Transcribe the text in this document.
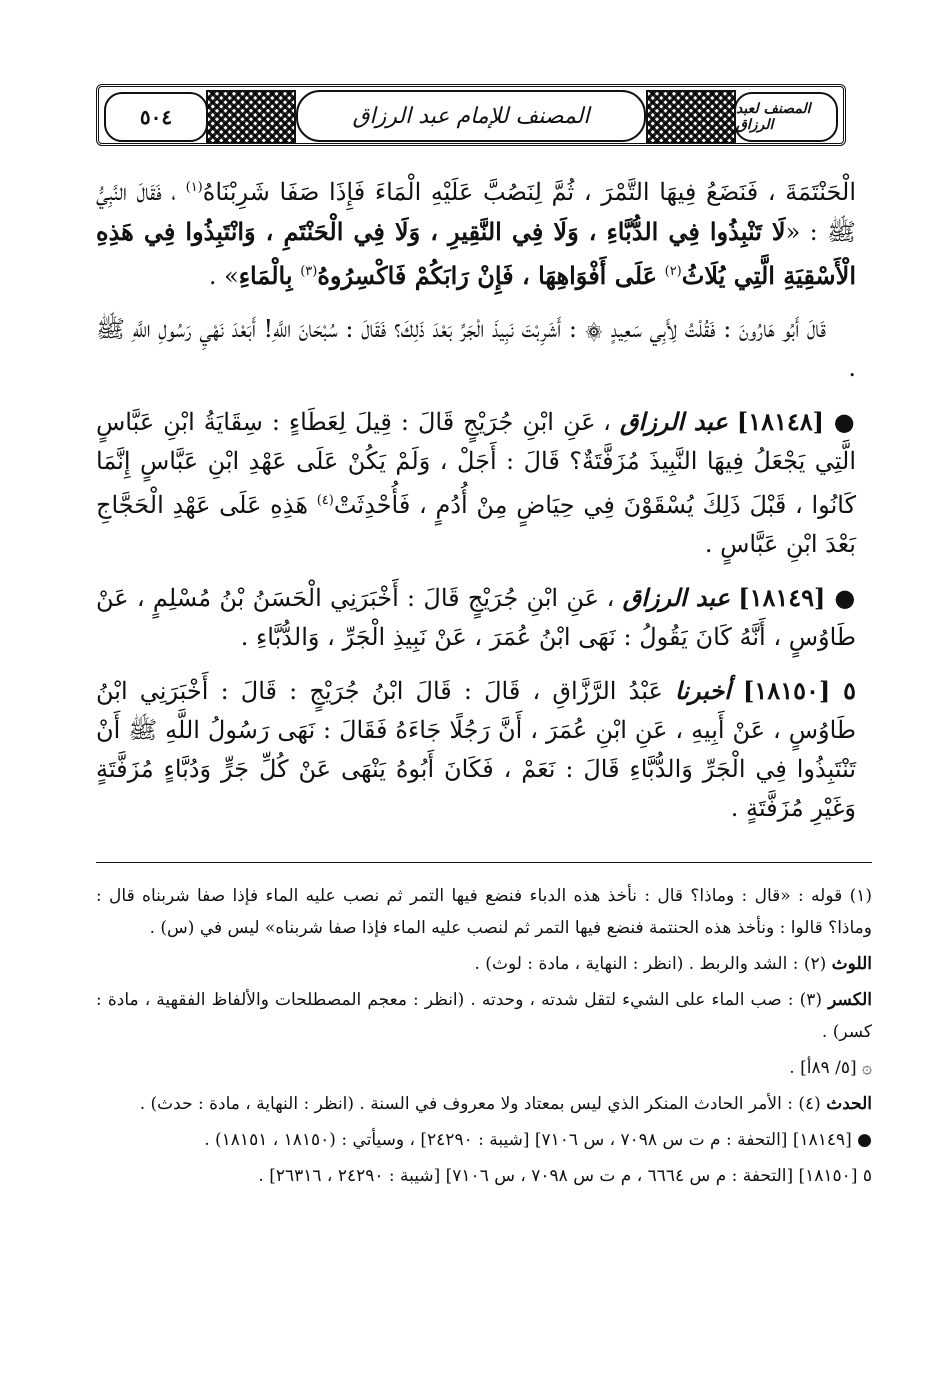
٥٠٤	المصنف لعبد الرزاق
المصنف للإمام عبد الرزاق

الْحَنْتَمَةَ ، فَنَضَعُ فِيهَا التَّمْرَ ، ثُمَّ لِنَصُبَّ عَلَيْهِ الْمَاءَ فَإِذَا صَفَا شَرِبْنَاهُ$^{(١)}$ ، فَقَالَ النَّبِيُّ ﷺ : «لَا تَنْبِذُوا فِي الدُّبَّاءِ ، وَلَا فِي النَّقِيرِ ، وَلَا فِي الْحَنْتَمِ ، وَانْتَبِذُوا فِي هَذِهِ الْأَسْقِيَةِ الَّتِي يُلَاثُ$^{(٢)}$ عَلَى أَفْوَاهِهَا ، فَإِنْ رَابَكُمْ فَاكْسِرُوهُ$^{(٣)}$ بِالْمَاءِ» .

قَالَ أَبُو هَارُونَ : فَقُلْتُ لِأَبِي سَعِيدٍ ۞ : أَشَرِبْتَ نَبِيذَ الْجَرِّ بَعْدَ ذَلِكَ؟ فَقَالَ : سُبْحَانَ اللَّهِ! أَبَعْدَ نَهْيِ رَسُولِ اللَّهِ ﷺ .

● [١٨١٤٨] عبد الرزاق ، عَنِ ابْنِ جُرَيْجٍ قَالَ : قِيلَ لِعَطَاءٍ : سِقَايَةُ ابْنِ عَبَّاسٍ الَّتِي يَجْعَلُ فِيهَا النَّبِيذَ مُزَفَّتَةٌ؟ قَالَ : أَجَلْ ، وَلَمْ يَكُنْ عَلَى عَهْدِ ابْنِ عَبَّاسٍ إِنَّمَا كَانُوا ، قَبْلَ ذَلِكَ يُسْقَوْنَ فِي حِيَاضٍ مِنْ أُدُمٍ ، فَأُحْدِثَتْ$^{(٤)}$ هَذِهِ عَلَى عَهْدِ الْحَجَّاجِ بَعْدَ ابْنِ عَبَّاسٍ .

● [١٨١٤٩] عبد الرزاق ، عَنِ ابْنِ جُرَيْجٍ قَالَ : أَخْبَرَنِي الْحَسَنُ بْنُ مُسْلِمٍ ، عَنْ طَاوُسٍ ، أَنَّهُ كَانَ يَقُولُ : نَهَى ابْنُ عُمَرَ ، عَنْ نَبِيذِ الْجَرِّ ، وَالدُّبَّاءِ .

٥ [١٨١٥٠] أخبرنا عَبْدُ الرَّزَّاقِ ، قَالَ : قَالَ ابْنُ جُرَيْجٍ : قَالَ : أَخْبَرَنِي ابْنُ طَاوُسٍ ، عَنْ أَبِيهِ ، عَنِ ابْنِ عُمَرَ ، أَنَّ رَجُلًا جَاءَهُ فَقَالَ : نَهَى رَسُولُ اللَّهِ ﷺ أَنْ تَنْتَبِذُوا فِي الْجَرِّ وَالدُّبَّاءِ قَالَ : نَعَمْ ، فَكَانَ أَبُوهُ يَنْهَى عَنْ كُلِّ جَرٍّ وَدُبَّاءٍ مُزَفَّتَةٍ وَغَيْرِ مُزَفَّتَةٍ .

(١) قوله : «قال : وماذا؟ قال : نأخذ هذه الدباء فنضع فيها التمر ثم نصب عليه الماء فإذا صفا شربناه قال : وماذا؟ قالوا : ونأخذ هذه الحنتمة فنضع فيها التمر ثم لنصب عليه الماء فإذا صفا شربناه» ليس في (س) .

اللوث (٢) : الشد والربط . (انظر : النهاية ، مادة : لوث) .

الكسر (٣) : صب الماء على الشيء لتقل شدته ، وحدته . (انظر : معجم المصطلحات والألفاظ الفقهية ، مادة : كسر) .

۞ [٥/ ٨٩أ] .

الحدث (٤) : الأمر الحادث المنكر الذي ليس بمعتاد ولا معروف في السنة . (انظر : النهاية ، مادة : حدث) .

● [١٨١٤٩] [التحفة : م ت س ٧٠٩٨ ، س ٧١٠٦] [شيبة : ٢٤٢٩٠] ، وسيأتي : (١٨١٥٠ ، ١٨١٥١) .

٥ [١٨١٥٠] [التحفة : م س ٦٦٦٤ ، م ت س ٧٠٩٨ ، س ٧١٠٦] [شيبة : ٢٤٢٩٠ ، ٢٦٣١٦] .
